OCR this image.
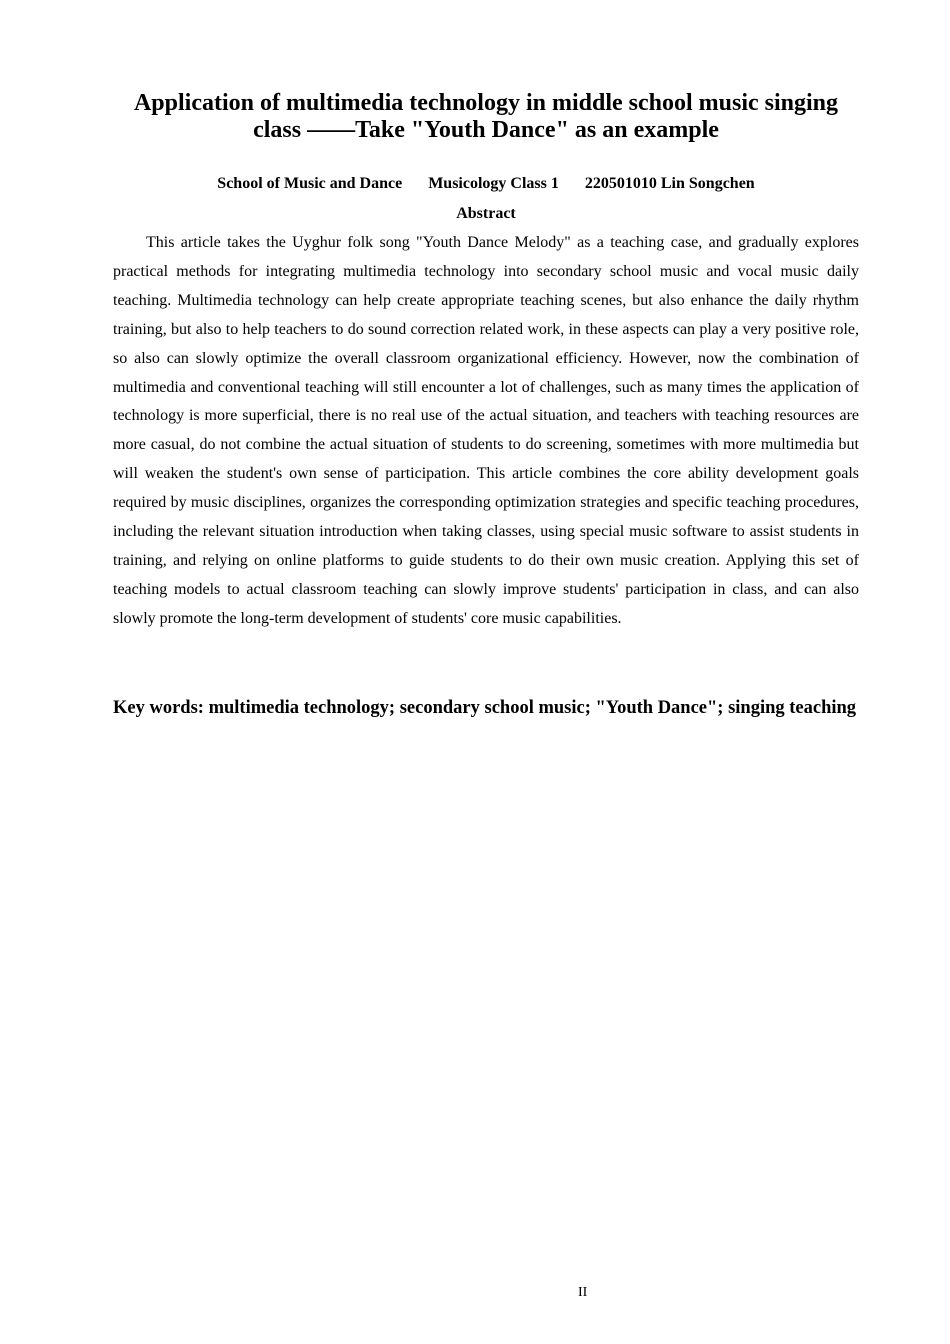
Application of multimedia technology in middle school music singing class ——Take "Youth Dance" as an example
School of Music and Dance Musicology Class 1 220501010 Lin Songchen
Abstract

This article takes the Uyghur folk song "Youth Dance Melody" as a teaching case, and gradually explores practical methods for integrating multimedia technology into secondary school music and vocal music daily teaching. Multimedia technology can help create appropriate teaching scenes, but also enhance the daily rhythm training, but also to help teachers to do sound correction related work, in these aspects can play a very positive role, so also can slowly optimize the overall classroom organizational efficiency. However, now the combination of multimedia and conventional teaching will still encounter a lot of challenges, such as many times the application of technology is more superficial, there is no real use of the actual situation, and teachers with teaching resources are more casual, do not combine the actual situation of students to do screening, sometimes with more multimedia but will weaken the student's own sense of participation. This article combines the core ability development goals required by music disciplines, organizes the corresponding optimization strategies and specific teaching procedures, including the relevant situation introduction when taking classes, using special music software to assist students in training, and relying on online platforms to guide students to do their own music creation. Applying this set of teaching models to actual classroom teaching can slowly improve students' participation in class, and can also slowly promote the long-term development of students' core music capabilities.

Key words: multimedia technology; secondary school music; "Youth Dance"; singing teaching

II
